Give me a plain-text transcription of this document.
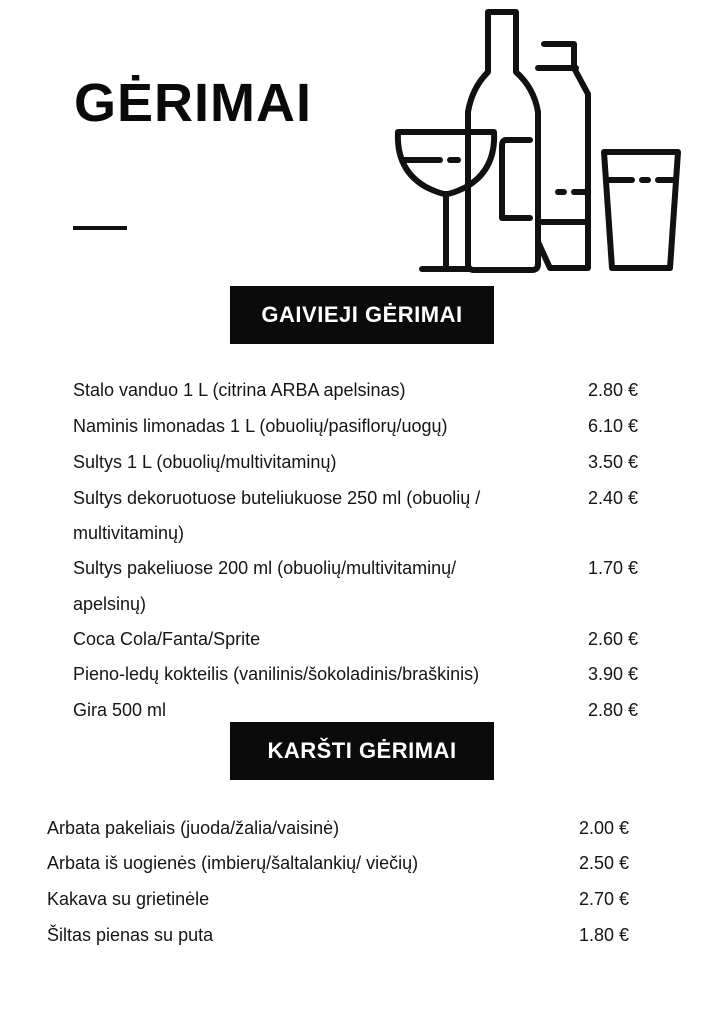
GĖRIMAI
GAIVIEJI GĖRIMAI
Stalo vanduo 1 L (citrina ARBA apelsinas)	2.80 €
Naminis limonadas 1 L (obuolių/pasiflorų/uogų)	6.10 €
Sultys 1 L (obuolių/multivitaminų)	3.50 €
Sultys dekoruotuose buteliukuose 250 ml (obuolių /
multivitaminų)
2.40 €
Sultys pakeliuose 200 ml (obuolių/multivitaminų/
apelsinų)
1.70 €
Coca Cola/Fanta/Sprite	2.60 €
Pieno-ledų kokteilis (vanilinis/šokoladinis/braškinis)	3.90 €
Gira 500 ml	2.80 €
KARŠTI GĖRIMAI
Arbata pakeliais (juoda/žalia/vaisinė)	2.00 €
Arbata iš uogienės (imbierų/šaltalankių/ viečių)	2.50 €
Kakava su grietinėle	2.70 €
Šiltas pienas su puta	1.80 €
